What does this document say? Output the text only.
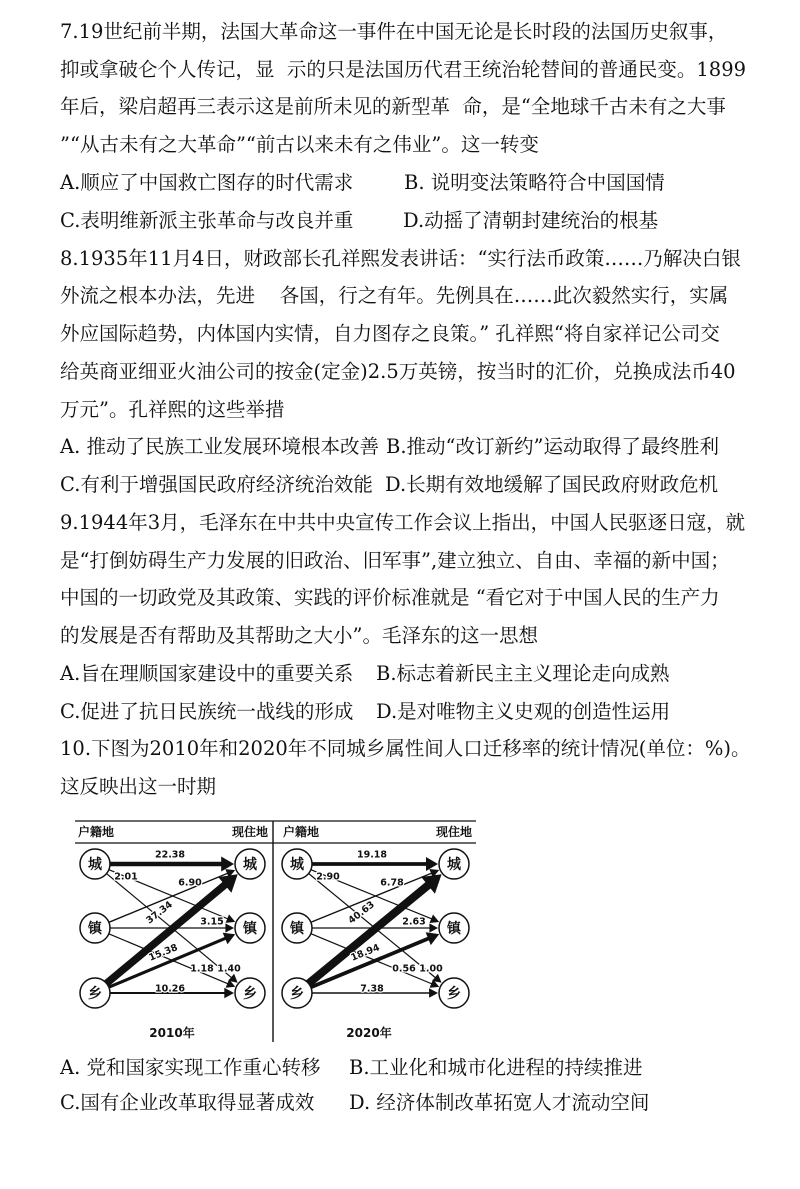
7.19世纪前半期，法国大革命这一事件在中国无论是长时段的法国历史叙事，
抑或拿破仑个人传记，显  示的只是法国历代君王统治轮替间的普通民变。1899
年后，梁启超再三表示这是前所未见的新型革  命，是“全地球千古未有之大事
”“从古未有之大革命”“前古以来未有之伟业”。这一转变
A.顺应了中国救亡图存的时代需求	B. 说明变法策略符合中国国情
C.表明维新派主张革命与改良并重	D.动摇了清朝封建统治的根基
8.1935年11月4日，财政部长孔祥熙发表讲话：“实行法币政策……乃解决白银
外流之根本办法，先进    各国，行之有年。先例具在……此次毅然实行，实属
外应国际趋势，内体国内实情，自力图存之良策。” 孔祥熙“将自家祥记公司交
给英商亚细亚火油公司的按金(定金)2.5万英镑，按当时的汇价，兑换成法币40
万元”。孔祥熙的这些举措
A. 推动了民族工业发展环境根本改善 B.推动“改订新约”运动取得了最终胜利
C.有利于增强国民政府经济统治效能 D.长期有效地缓解了国民政府财政危机
9.1944年3月，毛泽东在中共中央宣传工作会议上指出，中国人民驱逐日寇，就
是“打倒妨碍生产力发展的旧政治、旧军事”,建立独立、自由、幸福的新中国；
中国的一切政党及其政策、实践的评价标准就是 “看它对于中国人民的生产力
的发展是否有帮助及其帮助之大小”。毛泽东的这一思想
A.旨在理顺国家建设中的重要关系 B.标志着新民主主义理论走向成熟
C.促进了抗日民族统一战线的形成 D.是对唯物主义史观的创造性运用
10.下图为2010年和2020年不同城乡属性间人口迁移率的统计情况(单位：%)。
这反映出这一时期
户籍地	现住地 户籍地	现住地
2010年	2020年
城
镇
乡
城
镇
乡
22.38
2.01
1.18
6.90
3.15
1.40
37.34
15.38
10.26
城
镇
乡
城
镇
乡
19.18
2.90
0.56
6.78
2.63
1.00
40.63
18.94
7.38
A. 党和国家实现工作重心转移 B.工业化和城市化进程的持续推进
C.国有企业改革取得显著成效 D. 经济体制改革拓宽人才流动空间
